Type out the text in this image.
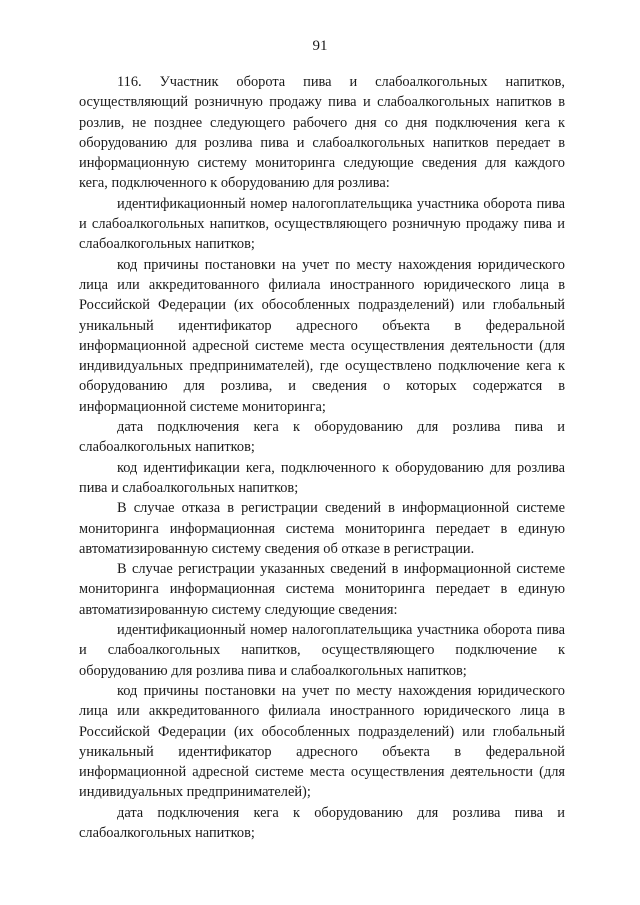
91

116. Участник оборота пива и слабоалкогольных напитков, осуществляющий розничную продажу пива и слабоалкогольных напитков в розлив, не позднее следующего рабочего дня со дня подключения кега к оборудованию для розлива пива и слабоалкогольных напитков передает в информационную систему мониторинга следующие сведения для каждого кега, подключенного к оборудованию для розлива:

идентификационный номер налогоплательщика участника оборота пива и слабоалкогольных напитков, осуществляющего розничную продажу пива и слабоалкогольных напитков;

код причины постановки на учет по месту нахождения юридического лица или аккредитованного филиала иностранного юридического лица в Российской Федерации (их обособленных подразделений) или глобальный уникальный идентификатор адресного объекта в федеральной информационной адресной системе места осуществления деятельности (для индивидуальных предпринимателей), где осуществлено подключение кега к оборудованию для розлива, и сведения о которых содержатся в информационной системе мониторинга;

дата подключения кега к оборудованию для розлива пива и слабоалкогольных напитков;

код идентификации кега, подключенного к оборудованию для розлива пива и слабоалкогольных напитков;

В случае отказа в регистрации сведений в информационной системе мониторинга информационная система мониторинга передает в единую автоматизированную систему сведения об отказе в регистрации.

В случае регистрации указанных сведений в информационной системе мониторинга информационная система мониторинга передает в единую автоматизированную систему следующие сведения:

идентификационный номер налогоплательщика участника оборота пива и слабоалкогольных напитков, осуществляющего подключение к оборудованию для розлива пива и слабоалкогольных напитков;

код причины постановки на учет по месту нахождения юридического лица или аккредитованного филиала иностранного юридического лица в Российской Федерации (их обособленных подразделений) или глобальный уникальный идентификатор адресного объекта в федеральной информационной адресной системе места осуществления деятельности (для индивидуальных предпринимателей);

дата подключения кега к оборудованию для розлива пива и слабоалкогольных напитков;
